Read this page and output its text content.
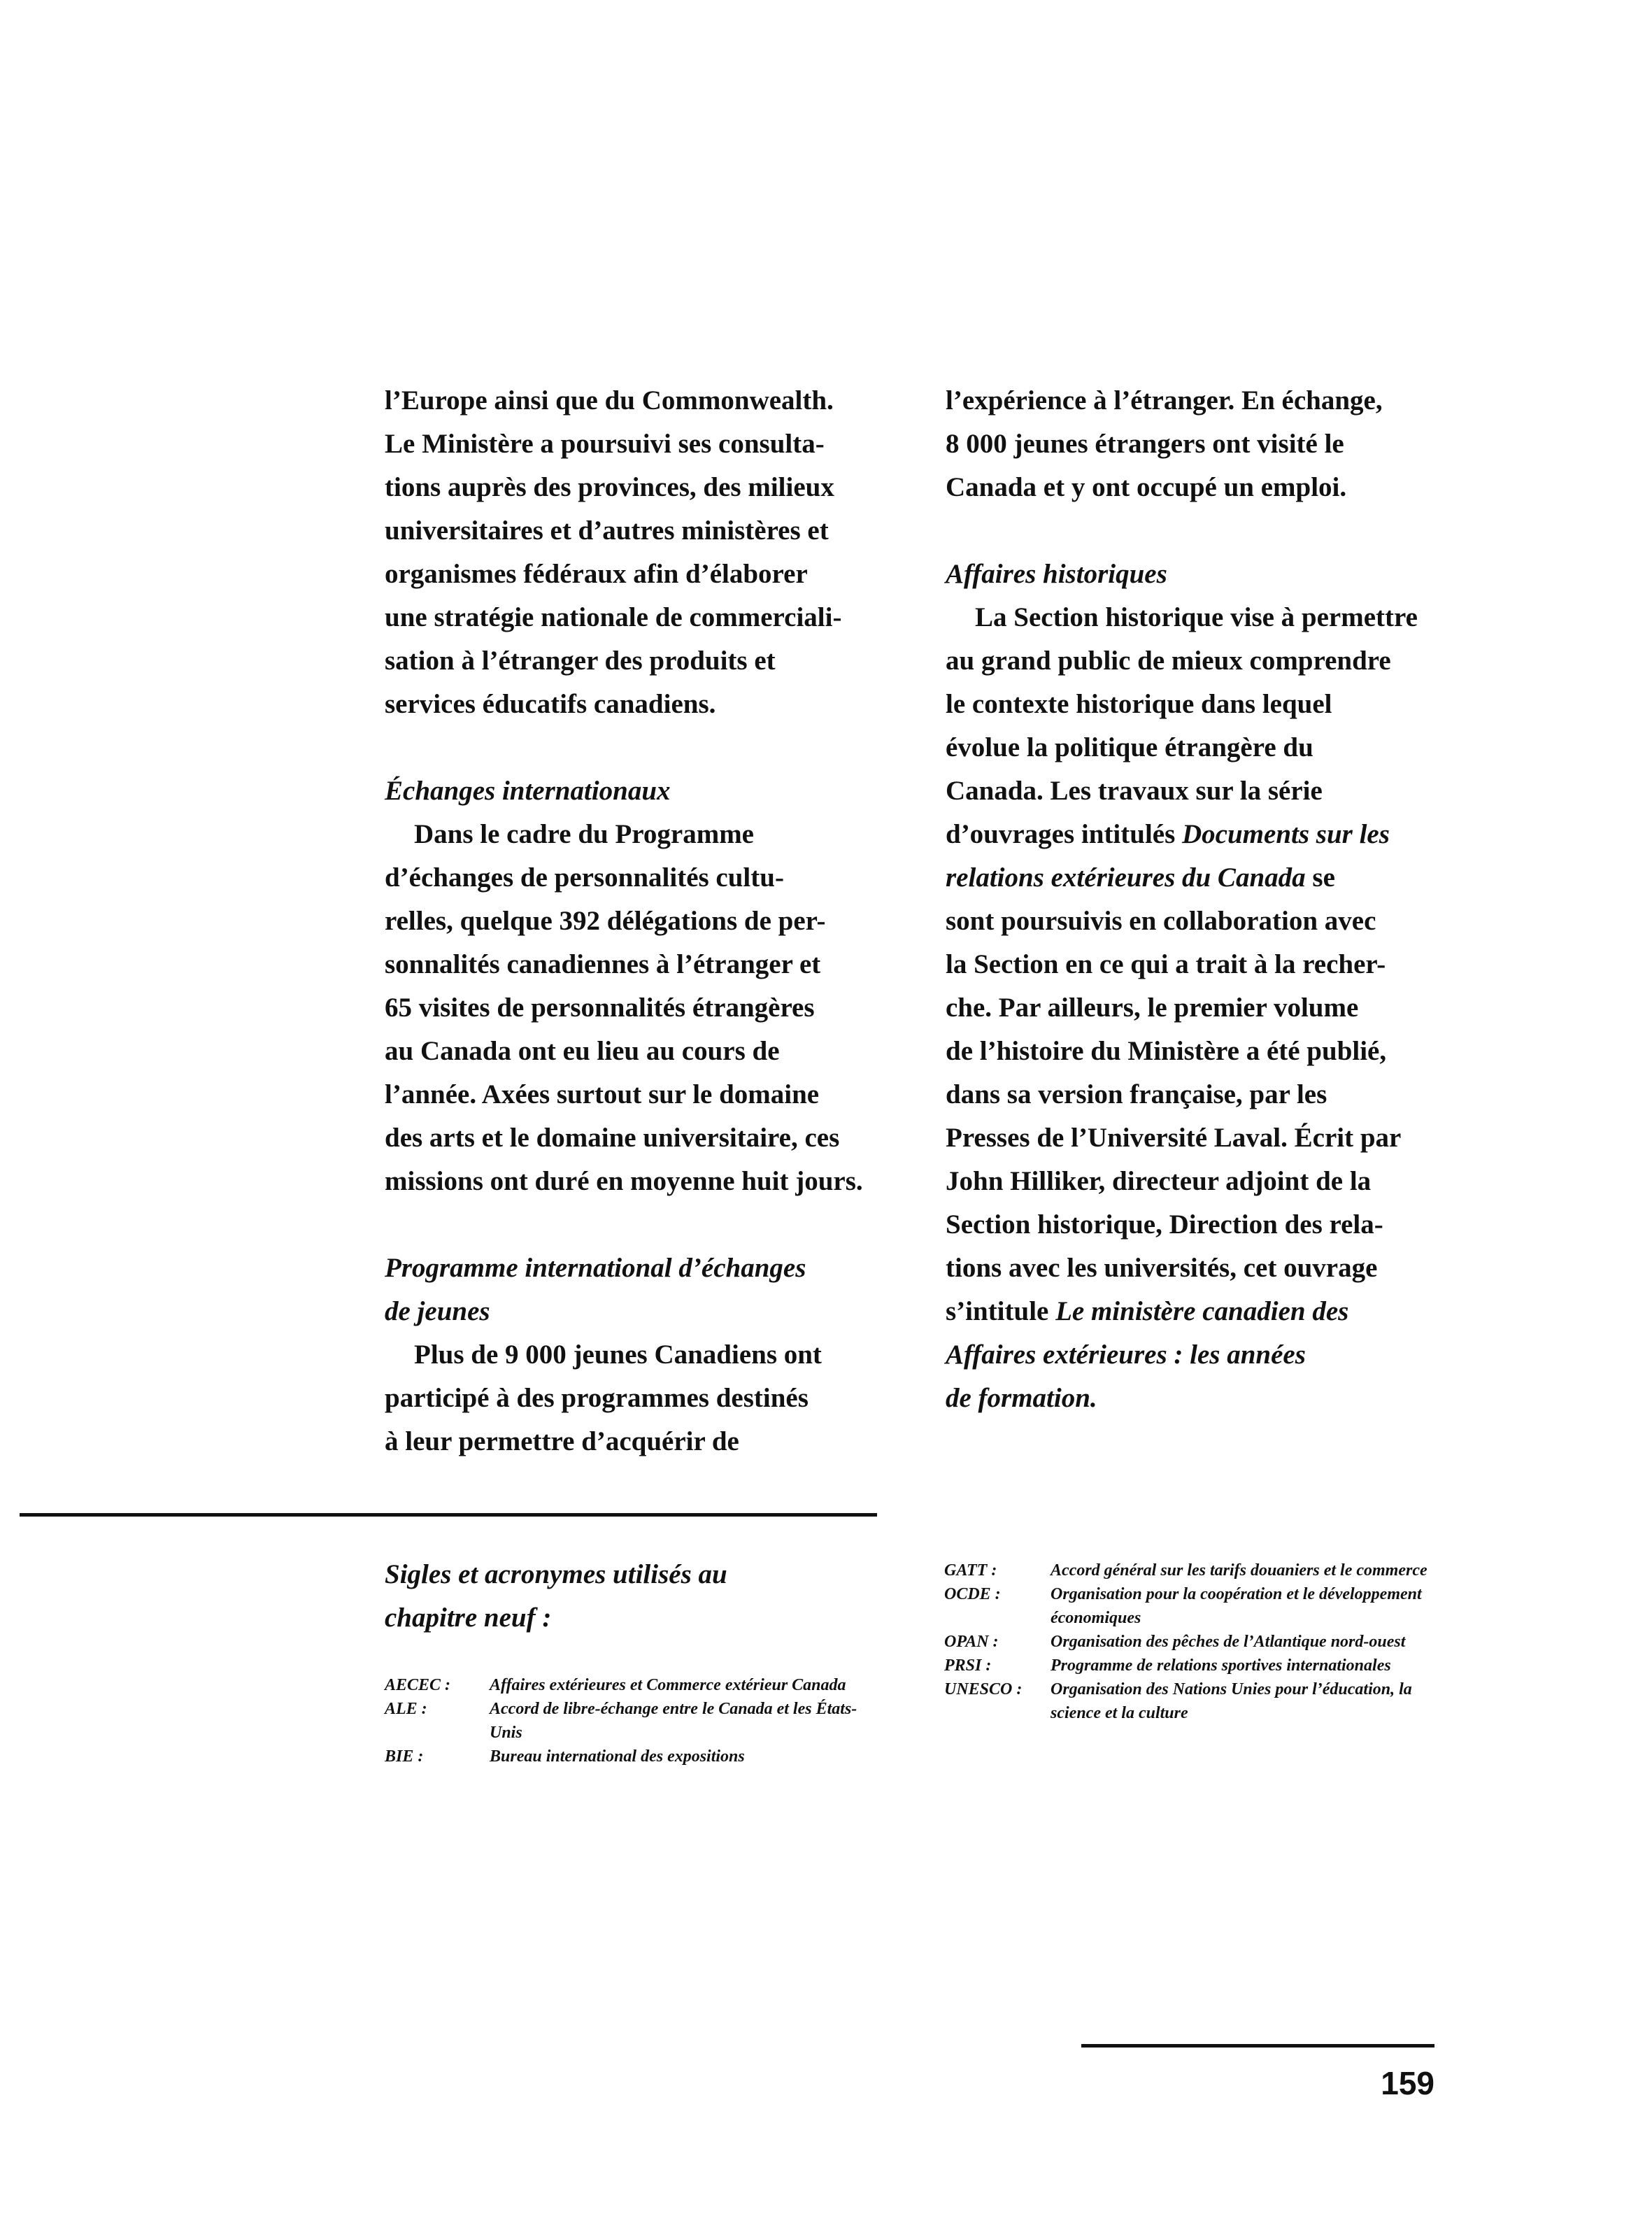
l’Europe ainsi que du Commonwealth.
Le Ministère a poursuivi ses consulta-
tions auprès des provinces, des milieux
universitaires et d’autres ministères et
organismes fédéraux afin d’élaborer
une stratégie nationale de commerciali-
sation à l’étranger des produits et
services éducatifs canadiens.
Échanges internationaux
Dans le cadre du Programme
d’échanges de personnalités cultu-
relles, quelque 392 délégations de per-
sonnalités canadiennes à l’étranger et
65 visites de personnalités étrangères
au Canada ont eu lieu au cours de
l’année. Axées surtout sur le domaine
des arts et le domaine universitaire, ces
missions ont duré en moyenne huit jours.
Programme international d’échanges
de jeunes
Plus de 9 000 jeunes Canadiens ont
participé à des programmes destinés
à leur permettre d’acquérir de
l’expérience à l’étranger. En échange,
8 000 jeunes étrangers ont visité le
Canada et y ont occupé un emploi.
Affaires historiques
La Section historique vise à permettre
au grand public de mieux comprendre
le contexte historique dans lequel
évolue la politique étrangère du
Canada. Les travaux sur la série
d’ouvrages intitulés Documents sur les
relations extérieures du Canada se
sont poursuivis en collaboration avec
la Section en ce qui a trait à la recher-
che. Par ailleurs, le premier volume
de l’histoire du Ministère a été publié,
dans sa version française, par les
Presses de l’Université Laval. Écrit par
John Hilliker, directeur adjoint de la
Section historique, Direction des rela-
tions avec les universités, cet ouvrage
s’intitule Le ministère canadien des
Affaires extérieures : les années
de formation.
Sigles et acronymes utilisés au
chapitre neuf :
AECEC :	Affaires extérieures et Commerce extérieur Canada
ALE :	Accord de libre-échange entre le Canada et les États-Unis
BIE :	Bureau international des expositions
GATT :	Accord général sur les tarifs douaniers et le commerce
OCDE :	Organisation pour la coopération et le développement économiques
OPAN :	Organisation des pêches de l’Atlantique nord-ouest
PRSI :	Programme de relations sportives internationales
UNESCO :	Organisation des Nations Unies pour l’éducation, la science et la culture
159
